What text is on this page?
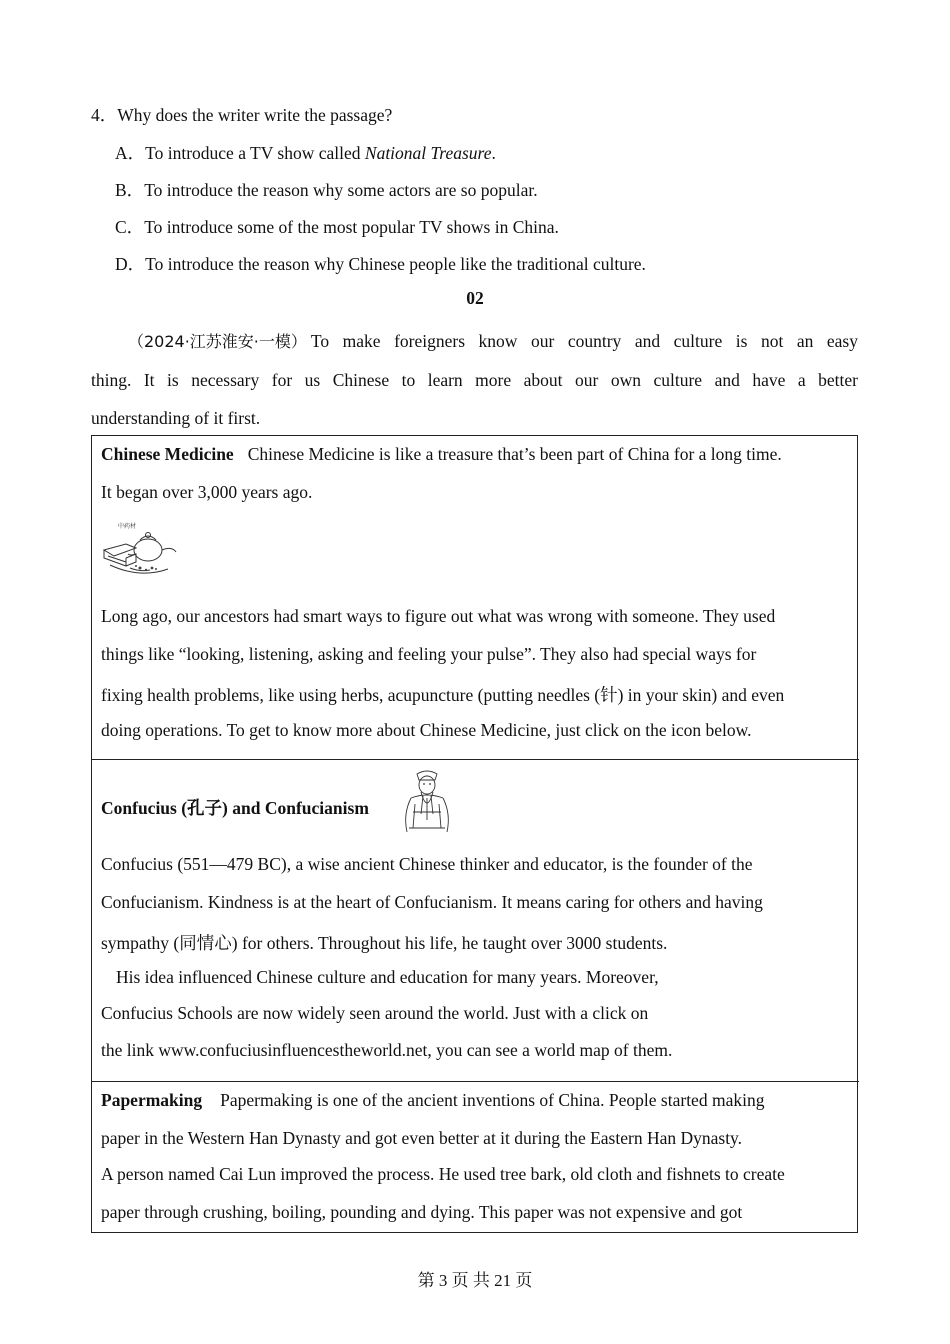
4．Why does the writer write the passage?
A．To introduce a TV show called National Treasure.
B．To introduce the reason why some actors are so popular.
C．To introduce some of the most popular TV shows in China.
D．To introduce the reason why Chinese people like the traditional culture.
02
（2024·江苏淮安·一模） To make foreigners know our country and culture is not an easy
thing. It is necessary for us Chinese to learn more about our own culture and have a better
understanding of it first.
Chinese Medicine Chinese Medicine is like a treasure that’s been part of China for a long time.
It began over 3,000 years ago.
中药材
Long ago, our ancestors had smart ways to figure out what was wrong with someone. They used
things like “looking, listening, asking and feeling your pulse”. They also had special ways for
fixing health problems, like using herbs, acupuncture (putting needles (针) in your skin) and even
doing operations. To get to know more about Chinese Medicine, just click on the icon below.
Confucius (孔子) and Confucianism
Confucius (551—479 BC), a wise ancient Chinese thinker and educator, is the founder of the
Confucianism. Kindness is at the heart of Confucianism. It means caring for others and having
sympathy (同情心) for others. Throughout his life, he taught over 3000 students.
His idea influenced Chinese culture and education for many years. Moreover,
Confucius Schools are now widely seen around the world. Just with a click on
the link www.confuciusinfluencestheworld.net, you can see a world map of them.
Papermaking Papermaking is one of the ancient inventions of China. People started making
paper in the Western Han Dynasty and got even better at it during the Eastern Han Dynasty.
A person named Cai Lun improved the process. He used tree bark, old cloth and fishnets to create
paper through crushing, boiling, pounding and dying. This paper was not expensive and got
第 3 页 共 21 页
